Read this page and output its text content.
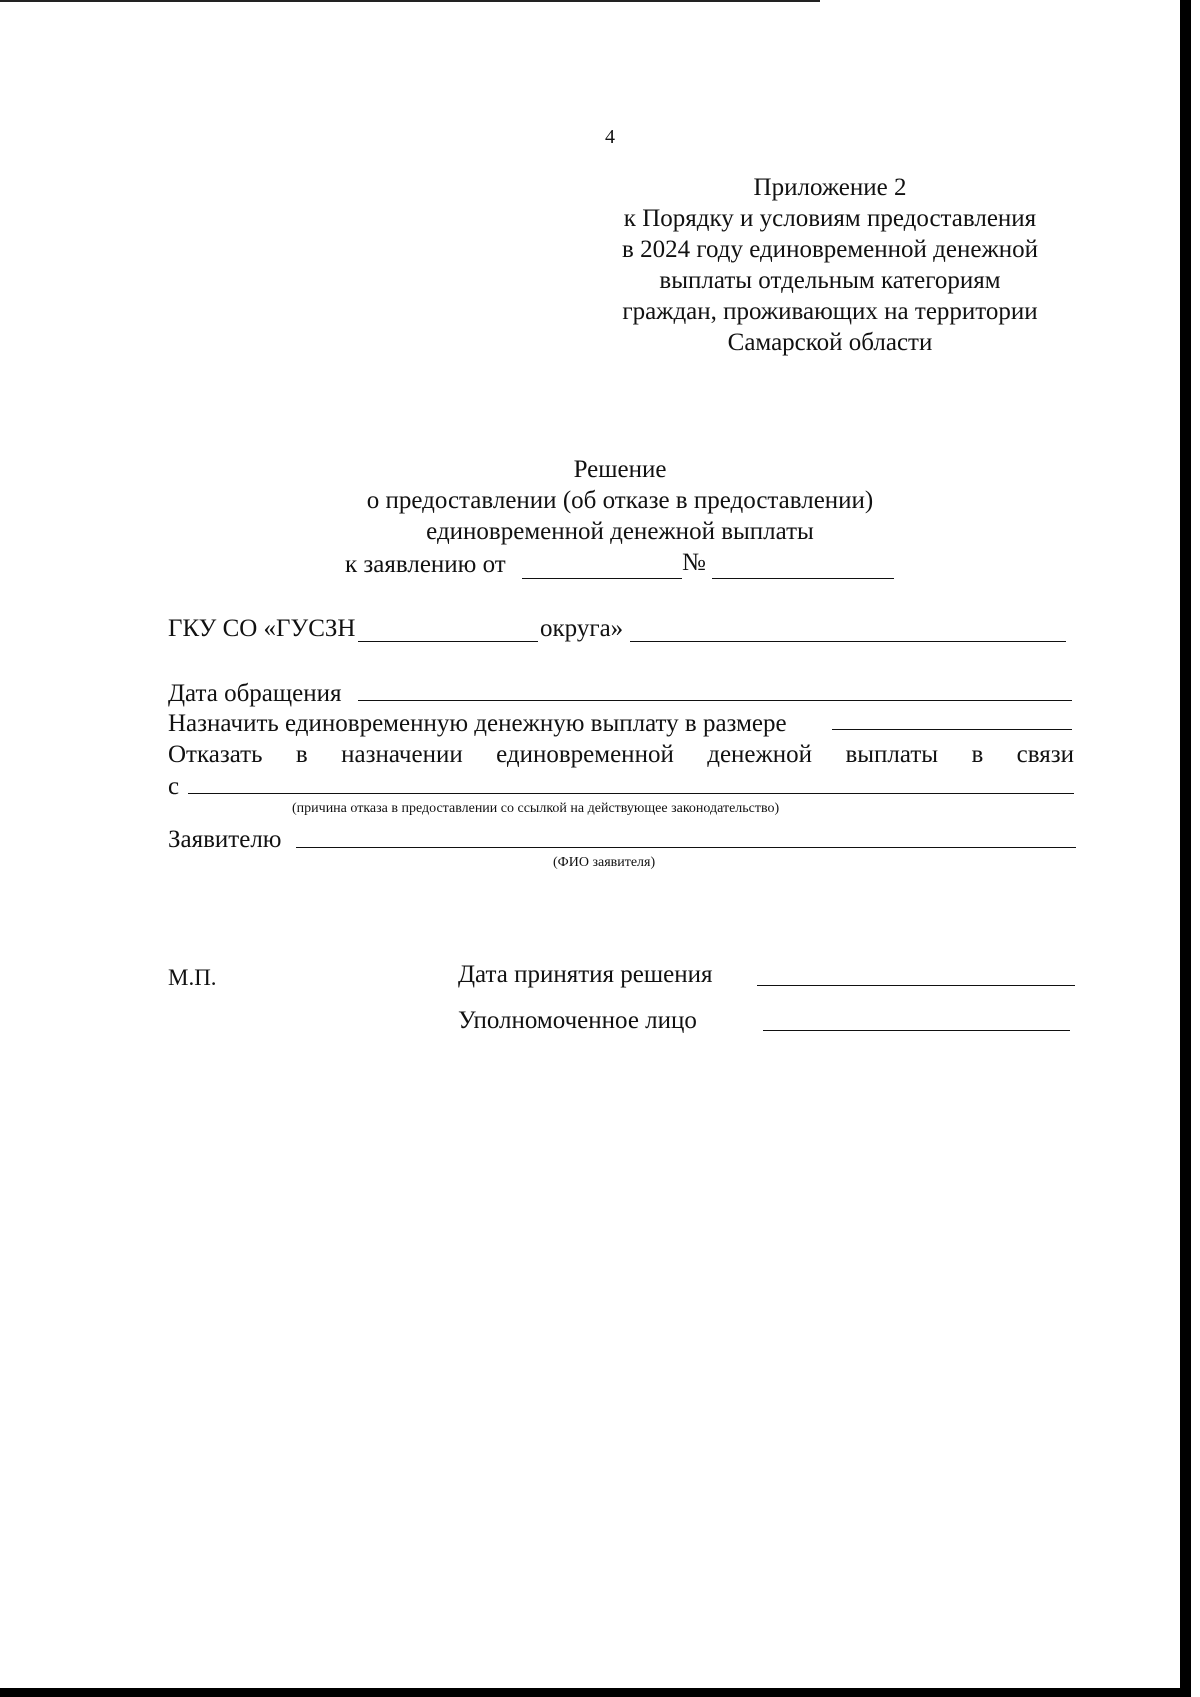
4
Приложение 2
к Порядку и условиям предоставления
в 2024 году единовременной денежной
выплаты отдельным категориям
граждан, проживающих на территории
Самарской области
Решение
о предоставлении (об отказе в предоставлении)
единовременной денежной выплаты
к заявлению от	№
ГКУ СО «ГУСЗН	округа»
Дата обращения
Назначить единовременную денежную выплату в размере
Отказать в назначении единовременной денежной выплаты в связи
с
(причина отказа в предоставлении со ссылкой на действующее законодательство)
Заявителю
(ФИО заявителя)
М.П.	Дата принятия решения
Уполномоченное лицо
